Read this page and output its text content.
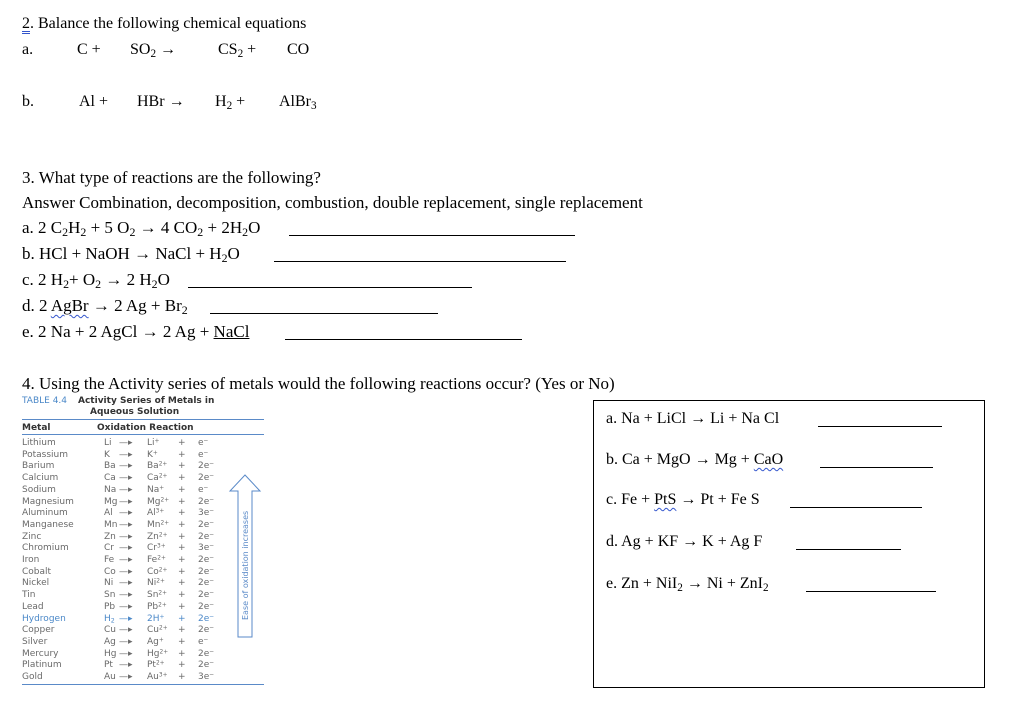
2. Balance the following chemical equations
a.	$C + SO_2$ →	$CS_2$ + CO
b.	Al + HBr → $H_2$ + AlBr$_3$
3. What type of reactions are the following?
Answer Combination, decomposition, combustion, double replacement, single replacement
a. 2 $C_2H_2 + 5$ $O_2 \to 4$ $CO_2 + 2H_2O$
b. HCl + NaOH → NaCl + $H_2O$
c. 2 $H_2+ O_2 \to 2$ $H_2O$
d. 2 AgBr → 2 $Ag + Br_2$
e. 2 Na + 2 AgCl → 2 Ag + NaCl
4. Using the Activity series of metals would the following reactions occur? (Yes or No)
TABLE 4.4 Activity Series of Metals in
Aqueous Solution
Metal	Oxidation Reaction
Lithium	Li —▸ Li+ + e−
Potassium	K —▸ K+ + e−
Barium	Ba —▸ $Ba^{2+} + 2e^-$
Calcium	Ca —▸ $Ca^{2+} + 2e^-$
Sodium	Na —▸ Na+ + e−
Magnesium	Mg —▸ $Mg^{2+} + 2e^-$
Aluminum	Al —▸ $Al^{3+} + 3e^-$
Manganese	Mn —▸ $Mn^{2+} + 2e^-$
Zinc	Zn —▸ $Zn^{2+} + 2e^-$
Chromium	Cr —▸ $Cr^{3+} + 3e^-$
Iron	Fe —▸ $Fe^{2+} + 2e^-$
Cobalt	Co —▸ $Co^{2+} + 2e^-$
Nickel	Ni —▸ $Ni^{2+} + 2e^-$
Tin	Sn —▸ $Sn^{2+} + 2e^-$
Lead	Pb —▸ $Pb^{2+} + 2e^-$
Hydrogen	$H_2$ —▸ 2H+ + 2e−
Copper	Cu —▸ $Cu^{2+} + 2e^-$
Silver	Ag —▸ Ag+ + e−
Mercury	Hg —▸ $Hg^{2+} + 2e^-$
Platinum	Pt —▸ $Pt^{2+} + 2e^-$
Gold	Au —▸ $Au^{3+} + 3e^-$
Ease of oxidation increases
a. Na + LiCl → Li + Na Cl
b. Ca + MgO → Mg + CaO
c. Fe + PtS → Pt + Fe S
d. Ag + KF → K + Ag F
e. Zn + NiI$_2$ → Ni + ZnI$_2$
